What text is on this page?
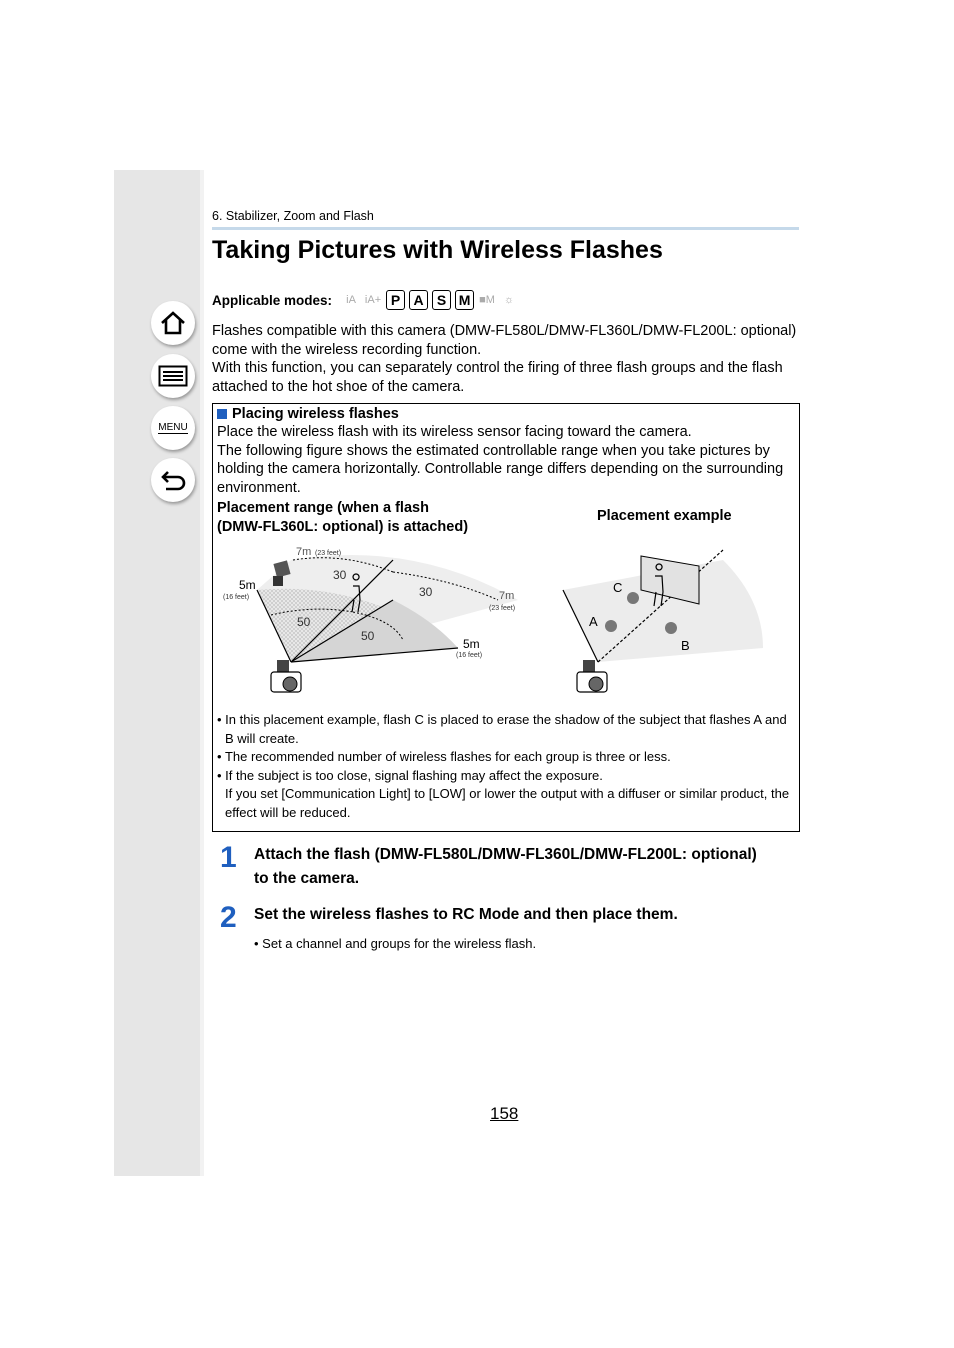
MENU
6. Stabilizer, Zoom and Flash
Taking Pictures with Wireless Flashes
Applicable modes:	iA iA+ P A S M ■M ☼

Flashes compatible with this camera (DMW-FL580L/DMW-FL360L/DMW-FL200L: optional) come with the wireless recording function.

With this function, you can separately control the firing of three flash groups and the flash attached to the hot shoe of the camera.

Placing wireless flashes

Place the wireless flash with its wireless sensor facing toward the camera.

The following figure shows the estimated controllable range when you take pictures by holding the camera horizontally. Controllable range differs depending on the surrounding environment.

Placement range (when a flash
(DMW-FL360L: optional) is attached)
Placement example
7m (23 feet)
5m
(16 feet)
30
30
50
50
7m
(23 feet)
5m
(16 feet)
C
A
B
• In this placement example, flash C is placed to erase the shadow of the subject that flashes A and B will create.
• The recommended number of wireless flashes for each group is three or less.
• If the subject is too close, signal flashing may affect the exposure.
If you set [Communication Light] to [LOW] or lower the output with a diffuser or similar product, the effect will be reduced.
1	Attach the flash (DMW-FL580L/DMW-FL360L/DMW-FL200L: optional)
to the camera.
2	Set the wireless flashes to RC Mode and then place them.
• Set a channel and groups for the wireless flash.
158
